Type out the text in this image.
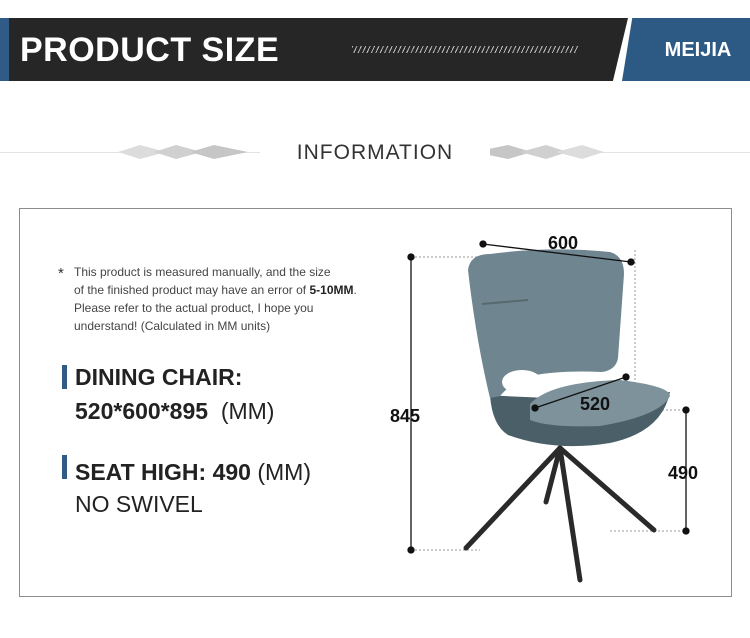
PRODUCT SIZE	MEIJIA
INFORMATION
* This product is measured manually, and the size

of the finished product may have an error of 5-10MM.

Please refer to the actual product, I hope you

understand! (Calculated in MM units)

DINING CHAIR:
520*600*895 (MM)
SEAT HIGH: 490 (MM)
NO SWIVEL
600
520
845
490
